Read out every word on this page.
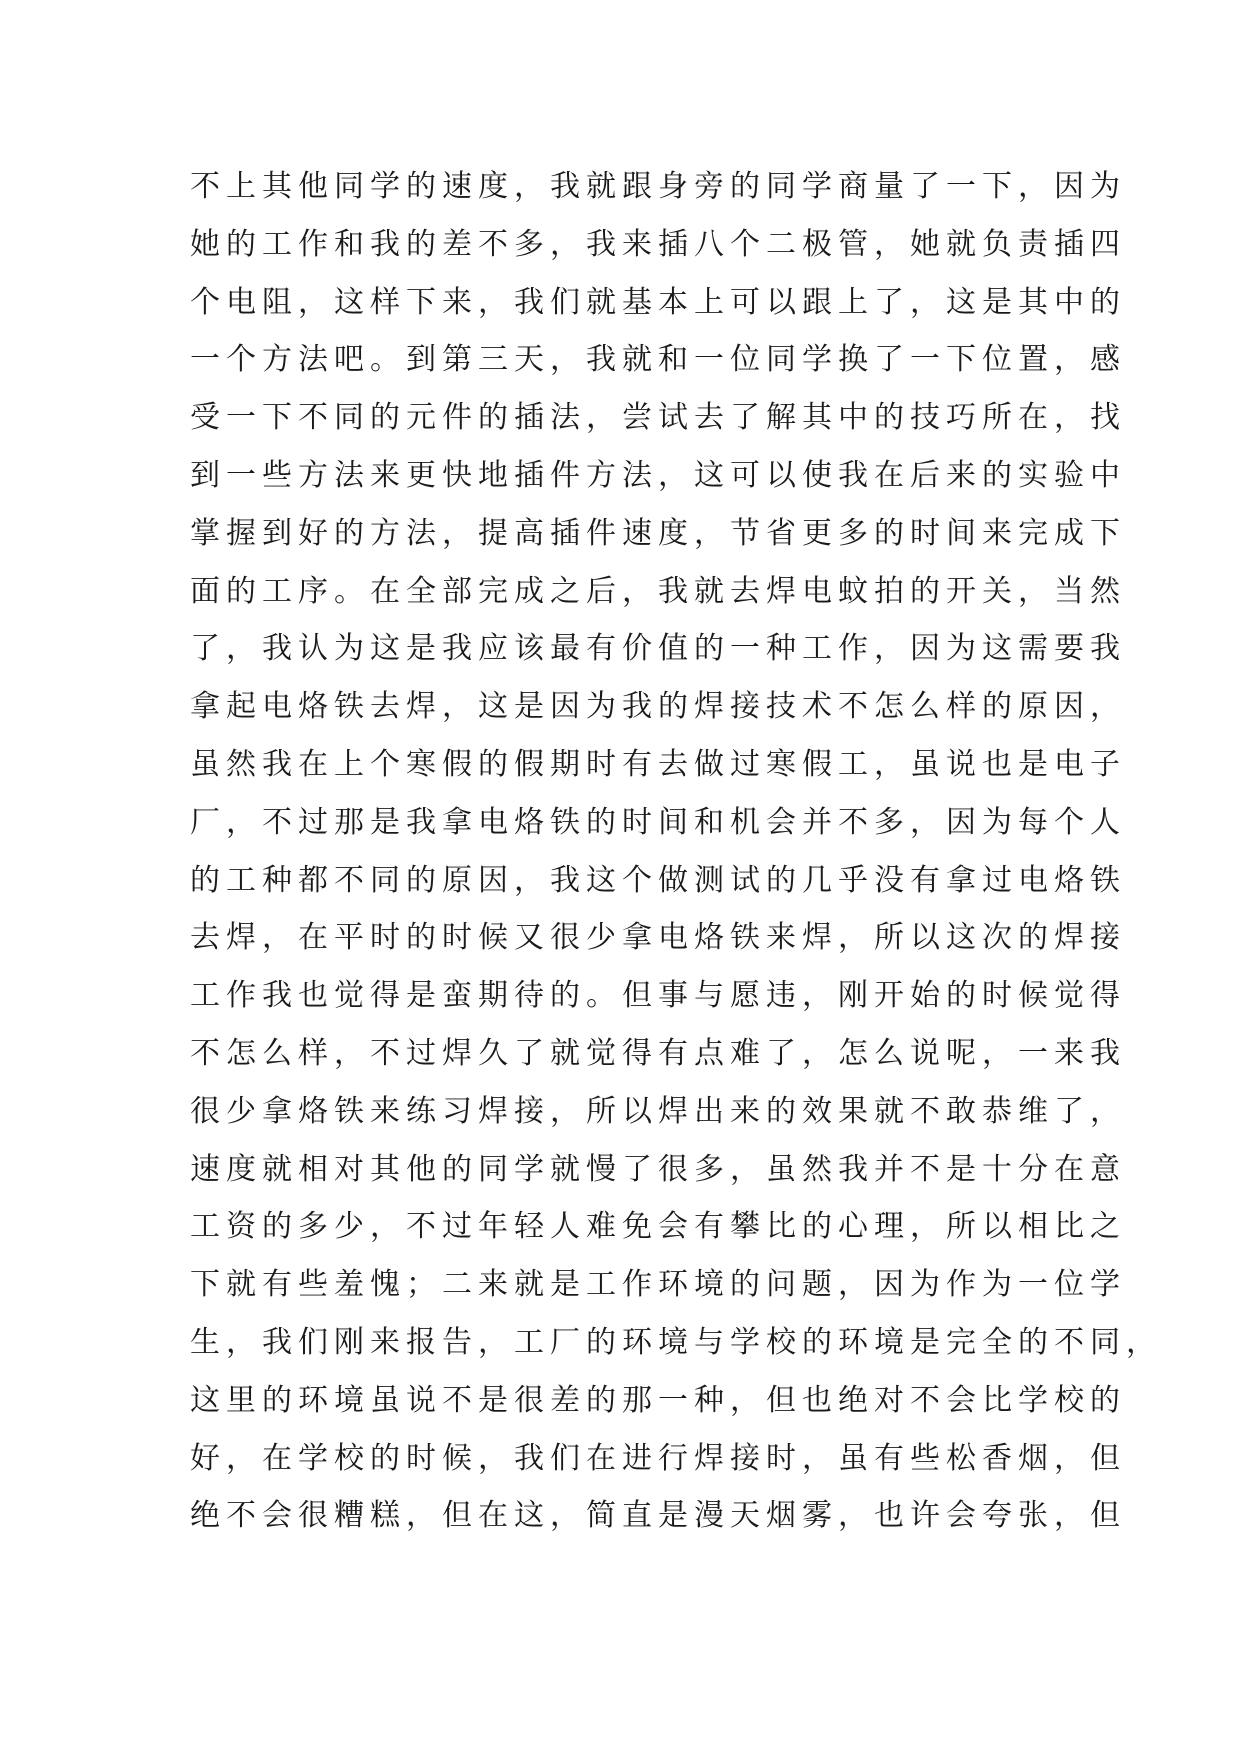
不上其他同学的速度，我就跟身旁的同学商量了一下，因为
她的工作和我的差不多，我来插八个二极管，她就负责插四
个电阻，这样下来，我们就基本上可以跟上了，这是其中的
一个方法吧。到第三天，我就和一位同学换了一下位置，感
受一下不同的元件的插法，尝试去了解其中的技巧所在，找
到一些方法来更快地插件方法，这可以使我在后来的实验中
掌握到好的方法，提高插件速度，节省更多的时间来完成下
面的工序。在全部完成之后，我就去焊电蚊拍的开关，当然
了，我认为这是我应该最有价值的一种工作，因为这需要我
拿起电烙铁去焊，这是因为我的焊接技术不怎么样的原因，
虽然我在上个寒假的假期时有去做过寒假工，虽说也是电子
厂，不过那是我拿电烙铁的时间和机会并不多，因为每个人
的工种都不同的原因，我这个做测试的几乎没有拿过电烙铁
去焊，在平时的时候又很少拿电烙铁来焊，所以这次的焊接
工作我也觉得是蛮期待的。但事与愿违，刚开始的时候觉得
不怎么样，不过焊久了就觉得有点难了，怎么说呢，一来我
很少拿烙铁来练习焊接，所以焊出来的效果就不敢恭维了，
速度就相对其他的同学就慢了很多，虽然我并不是十分在意
工资的多少，不过年轻人难免会有攀比的心理，所以相比之
下就有些羞愧；二来就是工作环境的问题，因为作为一位学
生，我们刚来报告，工厂的环境与学校的环境是完全的不同，
这里的环境虽说不是很差的那一种，但也绝对不会比学校的
好，在学校的时候，我们在进行焊接时，虽有些松香烟，但
绝不会很糟糕，但在这，简直是漫天烟雾，也许会夸张，但
